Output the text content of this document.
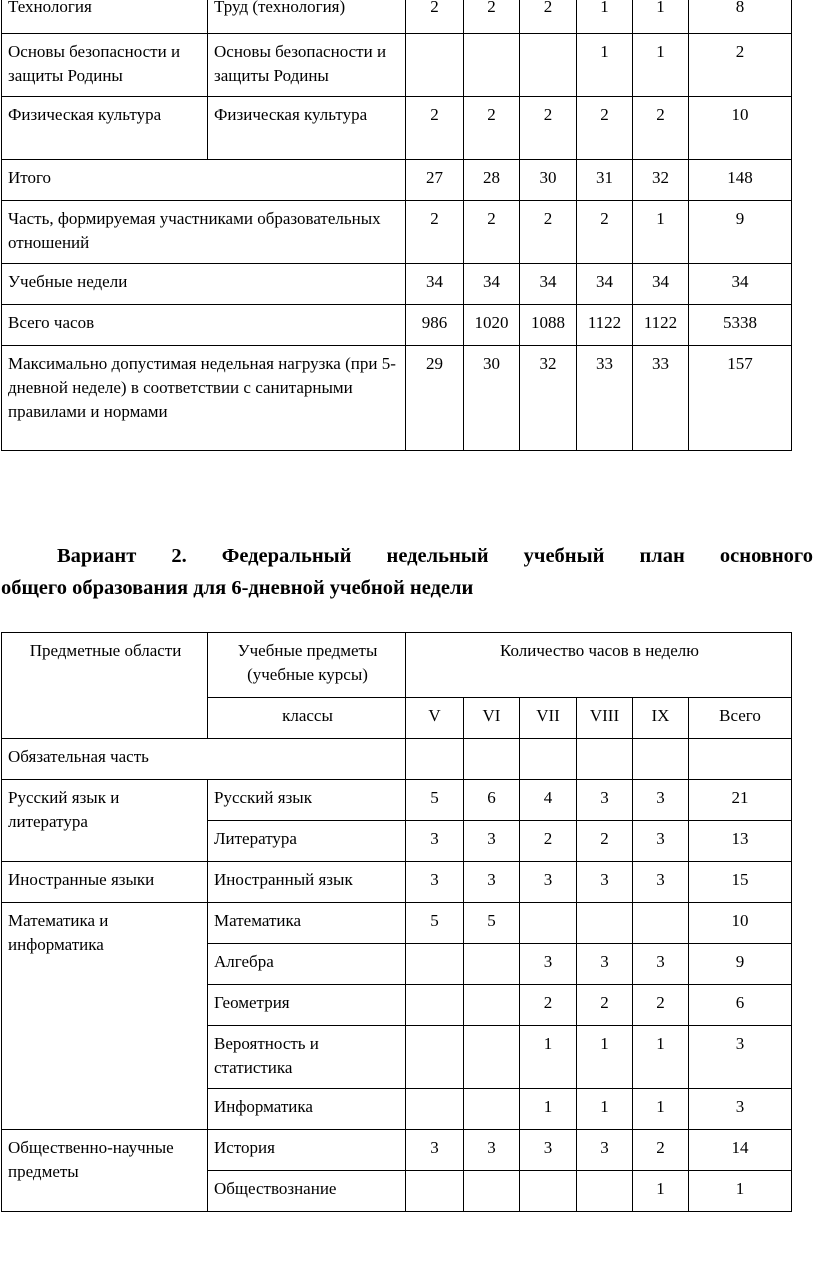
Технология	Труд (технология)	2	2	2	1	1	8
Основы безопасности и защиты Родины	Основы безопасности и защиты Родины				1	1	2
Физическая культура	Физическая культура	2	2	2	2	2	10
Итого		27	28	30	31	32	148
Часть, формируемая участниками образовательных отношений		2	2	2	2	1	9
Учебные недели		34	34	34	34	34	34
Всего часов		986	1020	1088	1122	1122	5338
Максимально допустимая недельная нагрузка (при 5-дневной неделе) в соответствии с санитарными правилами и нормами		29	30	32	33	33	157
Вариант 2. Федеральный недельный учебный план основного
общего образования для 6-дневной учебной недели
Предметные области	Учебные предметы (учебные курсы)	Количество часов в неделю					
	классы	V	VI	VII	VIII	IX	Всего
Обязательная часть							
Русский язык и литература	Русский язык	5	6	4	3	3	21
	Литература	3	3	2	2	3	13
Иностранные языки	Иностранный язык	3	3	3	3	3	15
Математика и информатика	Математика	5	5				10
	Алгебра			3	3	3	9
	Геометрия			2	2	2	6
	Вероятность и статистика			1	1	1	3
	Информатика			1	1	1	3
Общественно-научные предметы	История	3	3	3	3	2	14
	Обществознание					1	1
